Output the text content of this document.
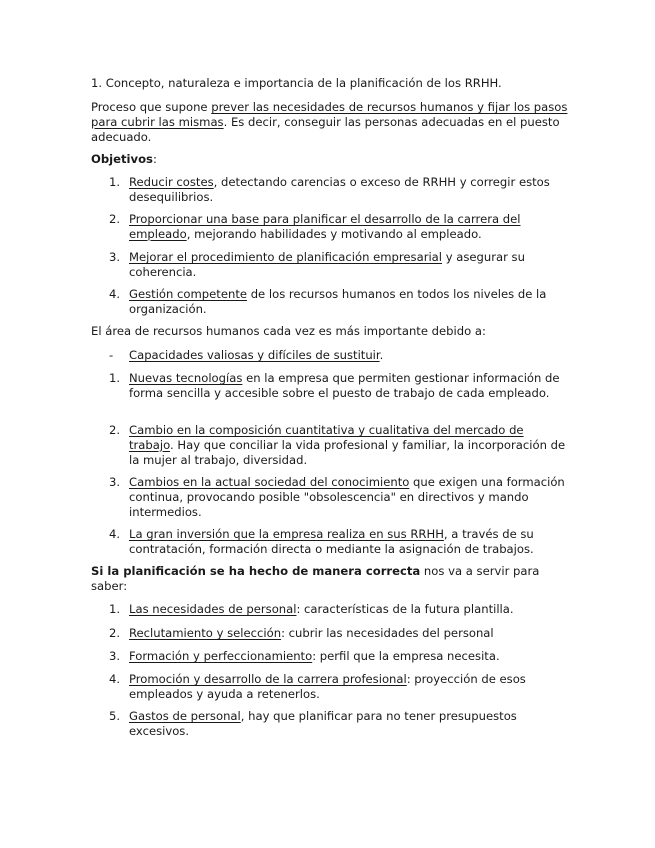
1. Concepto, naturaleza e importancia de la planificación de los RRHH.

Proceso que supone prever las necesidades de recursos humanos y fijar los pasos para cubrir las mismas. Es decir, conseguir las personas adecuadas en el puesto adecuado.

Objetivos:

1. Reducir costes, detectando carencias o exceso de RRHH y corregir estos desequilibrios.

2. Proporcionar una base para planificar el desarrollo de la carrera del empleado, mejorando habilidades y motivando al empleado.

3. Mejorar el procedimiento de planificación empresarial y asegurar su coherencia.

4. Gestión competente de los recursos humanos en todos los niveles de la organización.

El área de recursos humanos cada vez es más importante debido a:

-	Capacidades valiosas y difíciles de sustituir.

1. Nuevas tecnologías en la empresa que permiten gestionar información de forma sencilla y accesible sobre el puesto de trabajo de cada empleado.

2. Cambio en la composición cuantitativa y cualitativa del mercado de trabajo. Hay que conciliar la vida profesional y familiar, la incorporación de la mujer al trabajo, diversidad.

3. Cambios en la actual sociedad del conocimiento que exigen una formación continua, provocando posible "obsolescencia" en directivos y mando intermedios.

4. La gran inversión que la empresa realiza en sus RRHH, a través de su contratación, formación directa o mediante la asignación de trabajos.

Si la planificación se ha hecho de manera correcta nos va a servir para saber:

1. Las necesidades de personal: características de la futura plantilla.

2. Reclutamiento y selección: cubrir las necesidades del personal

3. Formación y perfeccionamiento: perfil que la empresa necesita.

4. Promoción y desarrollo de la carrera profesional: proyección de esos empleados y ayuda a retenerlos.

5. Gastos de personal, hay que planificar para no tener presupuestos excesivos.
